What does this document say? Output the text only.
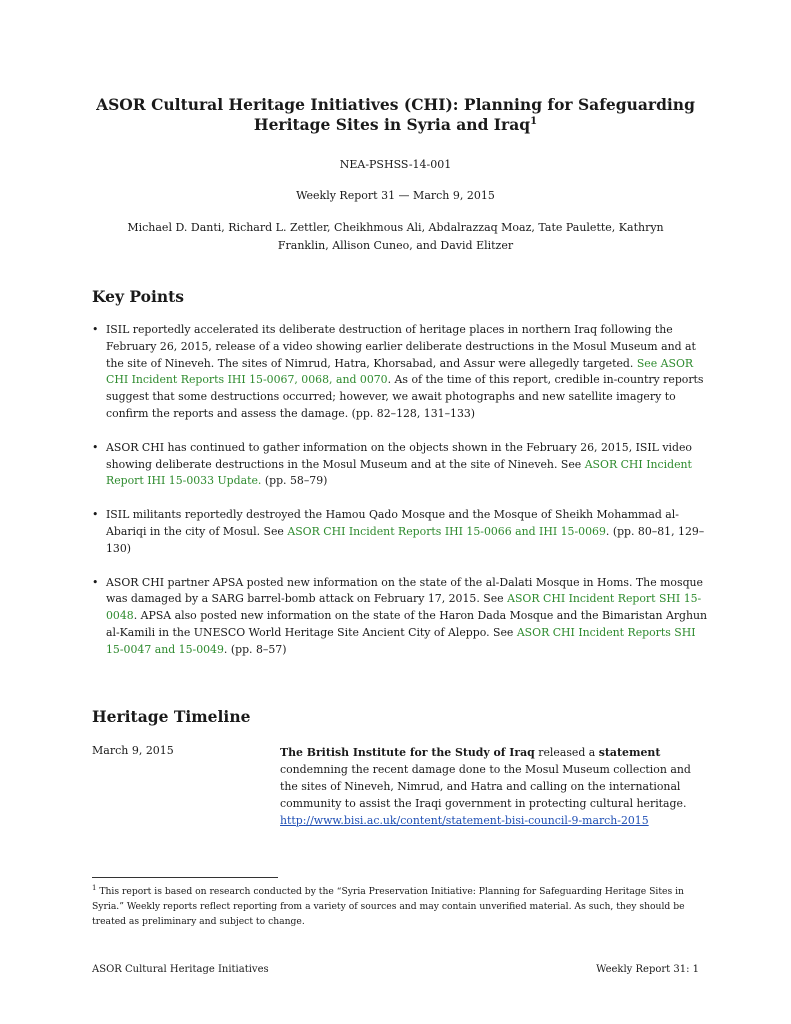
ASOR Cultural Heritage Initiatives (CHI): Planning for Safeguarding
Heritage Sites in Syria and Iraq$^1$
NEA-PSHSS-14-001
Weekly Report 31 — March 9, 2015
Michael D. Danti, Richard L. Zettler, Cheikhmous Ali, Abdalrazzaq Moaz, Tate Paulette, Kathryn
Franklin, Allison Cuneo, and David Elitzer
Key Points
• ISIL reportedly accelerated its deliberate destruction of heritage places in northern Iraq following the February 26, 2015, release of a video showing earlier deliberate destructions in the Mosul Museum and at the site of Nineveh. The sites of Nimrud, Hatra, Khorsabad, and Assur were allegedly targeted. See ASOR CHI Incident Reports IHI 15-0067, 0068, and 0070. As of the time of this report, credible in-country reports suggest that some destructions occurred; however, we await photographs and new satellite imagery to confirm the reports and assess the damage. (pp. 82–128, 131–133)
• ASOR CHI has continued to gather information on the objects shown in the February 26, 2015, ISIL video showing deliberate destructions in the Mosul Museum and at the site of Nineveh. See ASOR CHI Incident Report IHI 15-0033 Update. (pp. 58–79)
• ISIL militants reportedly destroyed the Hamou Qado Mosque and the Mosque of Sheikh Mohammad al-Abariqi in the city of Mosul. See ASOR CHI Incident Reports IHI 15-0066 and IHI 15-0069. (pp. 80–81, 129–130)
• ASOR CHI partner APSA posted new information on the state of the al-Dalati Mosque in Homs. The mosque was damaged by a SARG barrel-bomb attack on February 17, 2015. See ASOR CHI Incident Report SHI 15-0048. APSA also posted new information on the state of the Haron Dada Mosque and the Bimaristan Arghun al-Kamili in the UNESCO World Heritage Site Ancient City of Aleppo. See ASOR CHI Incident Reports SHI 15-0047 and 15-0049. (pp. 8–57)
Heritage Timeline
March 9, 2015	The British Institute for the Study of Iraq released a statement condemning the recent damage done to the Mosul Museum collection and the sites of Nineveh, Nimrud, and Hatra and calling on the international community to assist the Iraqi government in protecting cultural heritage.
http://www.bisi.ac.uk/content/statement-bisi-council-9-march-2015
$^1$ This report is based on research conducted by the “Syria Preservation Initiative: Planning for Safeguarding Heritage Sites in Syria.” Weekly reports reflect reporting from a variety of sources and may contain unverified material. As such, they should be treated as preliminary and subject to change.
ASOR Cultural Heritage Initiatives	Weekly Report 31: 1
